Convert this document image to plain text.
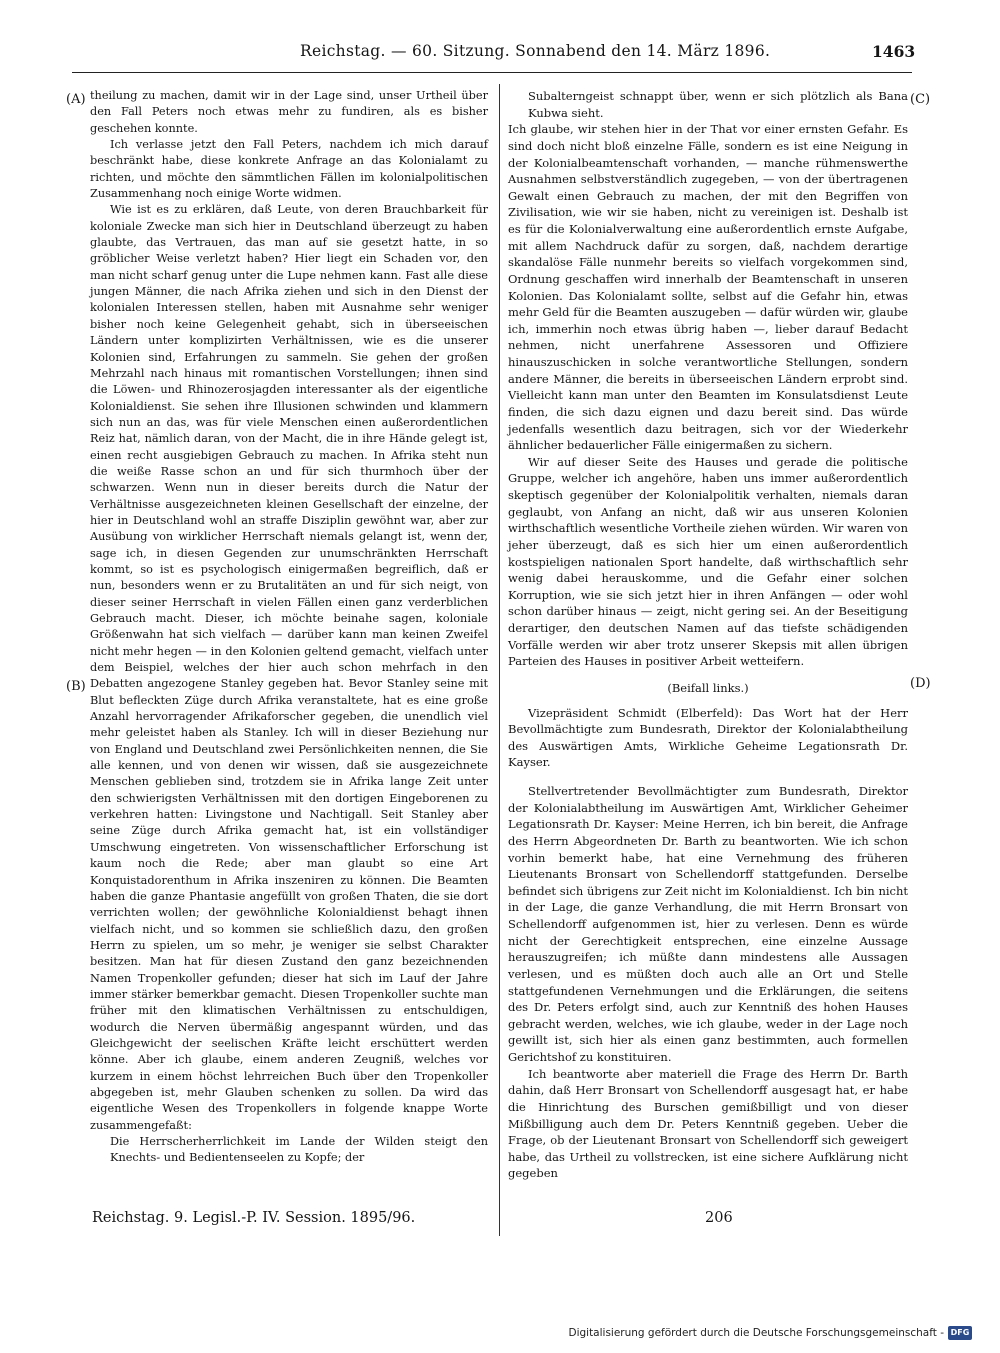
Reichstag. — 60. Sitzung. Sonnabend den 14. März 1896.	1463
(A)
(B)
(C)
(D)

theilung zu machen, damit wir in der Lage sind, unser Urtheil über den Fall Peters noch etwas mehr zu fundiren, als es bisher geschehen konnte.

Ich verlasse jetzt den Fall Peters, nachdem ich mich darauf beschränkt habe, diese konkrete Anfrage an das Kolonialamt zu richten, und möchte den sämmtlichen Fällen im kolonialpolitischen Zusammenhang noch einige Worte widmen.

Wie ist es zu erklären, daß Leute, von deren Brauchbarkeit für koloniale Zwecke man sich hier in Deutschland überzeugt zu haben glaubte, das Vertrauen, das man auf sie gesetzt hatte, in so gröblicher Weise verletzt haben? Hier liegt ein Schaden vor, den man nicht scharf genug unter die Lupe nehmen kann. Fast alle diese jungen Männer, die nach Afrika ziehen und sich in den Dienst der kolonialen Interessen stellen, haben mit Ausnahme sehr weniger bisher noch keine Gelegenheit gehabt, sich in überseeischen Ländern unter komplizirten Verhältnissen, wie es die unserer Kolonien sind, Erfahrungen zu sammeln. Sie gehen der großen Mehrzahl nach hinaus mit romantischen Vorstellungen; ihnen sind die Löwen- und Rhinozerosjagden interessanter als der eigentliche Kolonialdienst. Sie sehen ihre Illusionen schwinden und klammern sich nun an das, was für viele Menschen einen außerordentlichen Reiz hat, nämlich daran, von der Macht, die in ihre Hände gelegt ist, einen recht ausgiebigen Gebrauch zu machen. In Afrika steht nun die weiße Rasse schon an und für sich thurmhoch über der schwarzen. Wenn nun in dieser bereits durch die Natur der Verhältnisse ausgezeichneten kleinen Gesellschaft der einzelne, der hier in Deutschland wohl an straffe Disziplin gewöhnt war, aber zur Ausübung von wirklicher Herrschaft niemals gelangt ist, wenn der, sage ich, in diesen Gegenden zur unumschränkten Herrschaft kommt, so ist es psychologisch einigermaßen begreiflich, daß er nun, besonders wenn er zu Brutalitäten an und für sich neigt, von dieser seiner Herrschaft in vielen Fällen einen ganz verderblichen Gebrauch macht. Dieser, ich möchte beinahe sagen, koloniale Größenwahn hat sich vielfach — darüber kann man keinen Zweifel nicht mehr hegen — in den Kolonien geltend gemacht, vielfach unter dem Beispiel, welches der hier auch schon mehrfach in den Debatten angezogene Stanley gegeben hat. Bevor Stanley seine mit Blut befleckten Züge durch Afrika veranstaltete, hat es eine große Anzahl hervorragender Afrikaforscher gegeben, die unendlich viel mehr geleistet haben als Stanley. Ich will in dieser Beziehung nur von England und Deutschland zwei Persönlichkeiten nennen, die Sie alle kennen, und von denen wir wissen, daß sie ausgezeichnete Menschen geblieben sind, trotzdem sie in Afrika lange Zeit unter den schwierigsten Verhältnissen mit den dortigen Eingeborenen zu verkehren hatten: Livingstone und Nachtigall. Seit Stanley aber seine Züge durch Afrika gemacht hat, ist ein vollständiger Umschwung eingetreten. Von wissenschaftlicher Erforschung ist kaum noch die Rede; aber man glaubt so eine Art Konquistadorenthum in Afrika inszeniren zu können. Die Beamten haben die ganze Phantasie angefüllt von großen Thaten, die sie dort verrichten wollen; der gewöhnliche Kolonialdienst behagt ihnen vielfach nicht, und so kommen sie schließlich dazu, den großen Herrn zu spielen, um so mehr, je weniger sie selbst Charakter besitzen. Man hat für diesen Zustand den ganz bezeichnenden Namen Tropenkoller gefunden; dieser hat sich im Lauf der Jahre immer stärker bemerkbar gemacht. Diesen Tropenkoller suchte man früher mit den klimatischen Verhältnissen zu entschuldigen, wodurch die Nerven übermäßig angespannt würden, und das Gleichgewicht der seelischen Kräfte leicht erschüttert werden könne. Aber ich glaube, einem anderen Zeugniß, welches vor kurzem in einem höchst lehrreichen Buch über den Tropenkoller abgegeben ist, mehr Glauben schenken zu sollen. Da wird das eigentliche Wesen des Tropenkollers in folgende knappe Worte zusammengefaßt:

Die Herrscherherrlichkeit im Lande der Wilden steigt den Knechts- und Bedientenseelen zu Kopfe; der

Subalterngeist schnappt über, wenn er sich plötzlich als Bana Kubwa sieht.

Ich glaube, wir stehen hier in der That vor einer ernsten Gefahr. Es sind doch nicht bloß einzelne Fälle, sondern es ist eine Neigung in der Kolonialbeamtenschaft vorhanden, — manche rühmenswerthe Ausnahmen selbstverständlich zugegeben, — von der übertragenen Gewalt einen Gebrauch zu machen, der mit den Begriffen von Zivilisation, wie wir sie haben, nicht zu vereinigen ist. Deshalb ist es für die Kolonialverwaltung eine außerordentlich ernste Aufgabe, mit allem Nachdruck dafür zu sorgen, daß, nachdem derartige skandalöse Fälle nunmehr bereits so vielfach vorgekommen sind, Ordnung geschaffen wird innerhalb der Beamtenschaft in unseren Kolonien. Das Kolonialamt sollte, selbst auf die Gefahr hin, etwas mehr Geld für die Beamten auszugeben — dafür würden wir, glaube ich, immerhin noch etwas übrig haben —, lieber darauf Bedacht nehmen, nicht unerfahrene Assessoren und Offiziere hinauszuschicken in solche verantwortliche Stellungen, sondern andere Männer, die bereits in überseeischen Ländern erprobt sind. Vielleicht kann man unter den Beamten im Konsulatsdienst Leute finden, die sich dazu eignen und dazu bereit sind. Das würde jedenfalls wesentlich dazu beitragen, sich vor der Wiederkehr ähnlicher bedauerlicher Fälle einigermaßen zu sichern.

Wir auf dieser Seite des Hauses und gerade die politische Gruppe, welcher ich angehöre, haben uns immer außerordentlich skeptisch gegenüber der Kolonialpolitik verhalten, niemals daran geglaubt, von Anfang an nicht, daß wir aus unseren Kolonien wirthschaftlich wesentliche Vortheile ziehen würden. Wir waren von jeher überzeugt, daß es sich hier um einen außerordentlich kostspieligen nationalen Sport handelte, daß wirthschaftlich sehr wenig dabei herauskomme, und die Gefahr einer solchen Korruption, wie sie sich jetzt hier in ihren Anfängen — oder wohl schon darüber hinaus — zeigt, nicht gering sei. An der Beseitigung derartiger, den deutschen Namen auf das tiefste schädigenden Vorfälle werden wir aber trotz unserer Skepsis mit allen übrigen Parteien des Hauses in positiver Arbeit wetteifern.

(Beifall links.)

Vizepräsident Schmidt (Elberfeld): Das Wort hat der Herr Bevollmächtigte zum Bundesrath, Direktor der Kolonialabtheilung des Auswärtigen Amts, Wirkliche Geheime Legationsrath Dr. Kayser.

Stellvertretender Bevollmächtigter zum Bundesrath, Direktor der Kolonialabtheilung im Auswärtigen Amt, Wirklicher Geheimer Legationsrath Dr. Kayser: Meine Herren, ich bin bereit, die Anfrage des Herrn Abgeordneten Dr. Barth zu beantworten. Wie ich schon vorhin bemerkt habe, hat eine Vernehmung des früheren Lieutenants Bronsart von Schellendorff stattgefunden. Derselbe befindet sich übrigens zur Zeit nicht im Kolonialdienst. Ich bin nicht in der Lage, die ganze Verhandlung, die mit Herrn Bronsart von Schellendorff aufgenommen ist, hier zu verlesen. Denn es würde nicht der Gerechtigkeit entsprechen, eine einzelne Aussage herauszugreifen; ich müßte dann mindestens alle Aussagen verlesen, und es müßten doch auch alle an Ort und Stelle stattgefundenen Vernehmungen und die Erklärungen, die seitens des Dr. Peters erfolgt sind, auch zur Kenntniß des hohen Hauses gebracht werden, welches, wie ich glaube, weder in der Lage noch gewillt ist, sich hier als einen ganz bestimmten, auch formellen Gerichtshof zu konstituiren.

Ich beantworte aber materiell die Frage des Herrn Dr. Barth dahin, daß Herr Bronsart von Schellendorff ausgesagt hat, er habe die Hinrichtung des Burschen gemißbilligt und von dieser Mißbilligung auch dem Dr. Peters Kenntniß gegeben. Ueber die Frage, ob der Lieutenant Bronsart von Schellendorff sich geweigert habe, das Urtheil zu vollstrecken, ist eine sichere Aufklärung nicht gegeben

Reichstag. 9. Legisl.-P. IV. Session. 1895/96.	206
Digitalisierung gefördert durch die Deutsche Forschungsgemeinschaft - DFG
